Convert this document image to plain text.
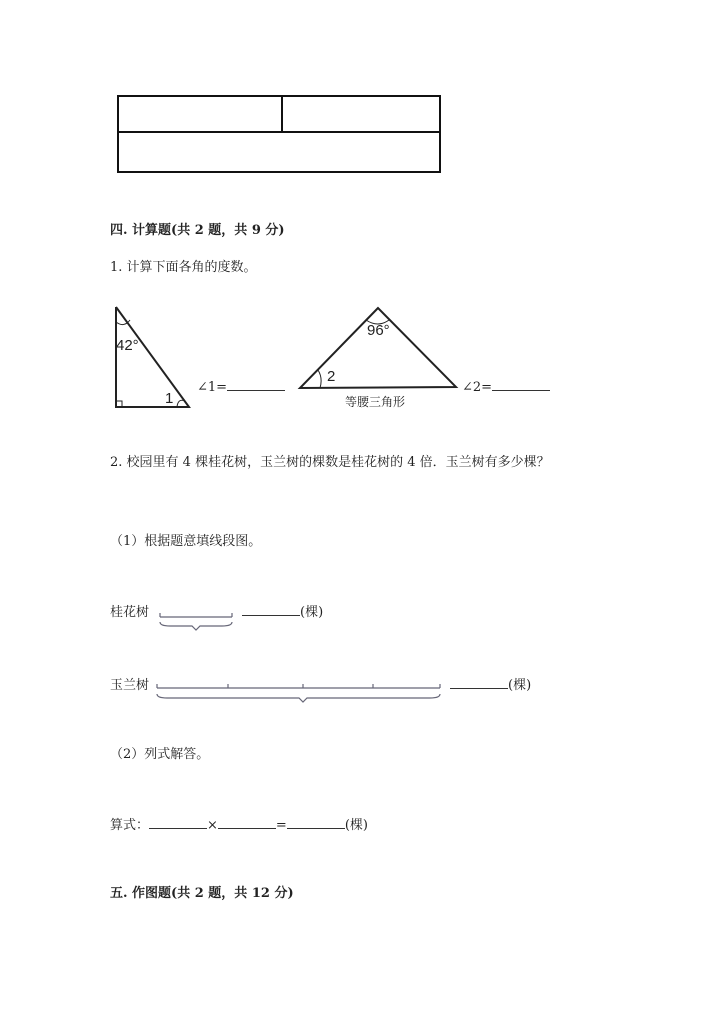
四. 计算题(共 2 题，共 9 分)
1. 计算下面各角的度数。
42°
1
∠1=
96°
2
等腰三角形
∠2=
2. 校园里有 4 棵桂花树，玉兰树的棵数是桂花树的 4 倍．玉兰树有多少棵？
（1）根据题意填线段图。
桂花树	(棵)
玉兰树	(棵)
（2）列式解答。
算式：	×	=	(棵)
五. 作图题(共 2 题，共 12 分)
